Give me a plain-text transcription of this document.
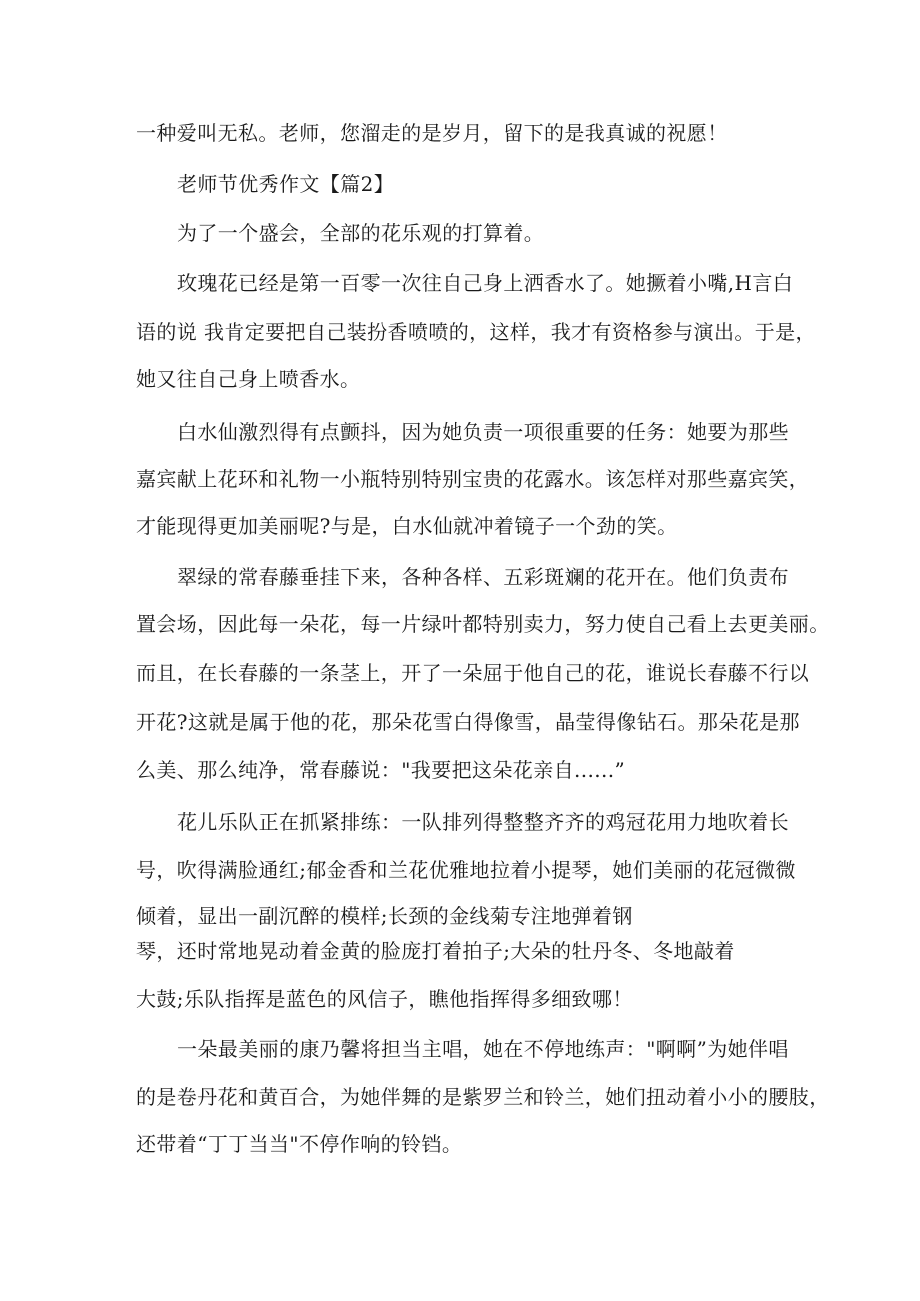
一种爱叫无私。老师，您溜走的是岁月，留下的是我真诚的祝愿！
老师节优秀作文【篇2】
为了一个盛会，全部的花乐观的打算着。
玫瑰花已经是第一百零一次往自己身上洒香水了。她撅着小嘴,H言白
语的说 我肯定要把自己装扮香喷喷的，这样，我才有资格参与演出。于是，
她又往自己身上喷香水。
白水仙激烈得有点颤抖，因为她负责一项很重要的任务：她要为那些
嘉宾献上花环和礼物一小瓶特别特别宝贵的花露水。该怎样对那些嘉宾笑，
才能现得更加美丽呢?与是，白水仙就冲着镜子一个劲的笑。
翠绿的常春藤垂挂下来，各种各样、五彩斑斓的花开在。他们负责布
置会场，因此每一朵花，每一片绿叶都特别卖力，努力使自己看上去更美丽。
而且，在长春藤的一条茎上，开了一朵屈于他自己的花，谁说长春藤不行以
开花?这就是属于他的花，那朵花雪白得像雪，晶莹得像钻石。那朵花是那
么美、那么纯净，常春藤说："我要把这朵花亲自......”
花儿乐队正在抓紧排练：一队排列得整整齐齐的鸡冠花用力地吹着长
号，吹得满脸通红;郁金香和兰花优雅地拉着小提琴，她们美丽的花冠微微
倾着，显出一副沉醉的模样;长颈的金线菊专注地弹着钢
琴，还时常地晃动着金黄的脸庞打着拍子;大朵的牡丹冬、冬地敲着
大鼓;乐队指挥是蓝色的风信子，瞧他指挥得多细致哪！
一朵最美丽的康乃馨将担当主唱，她在不停地练声："啊啊”为她伴唱
的是卷丹花和黄百合，为她伴舞的是紫罗兰和铃兰，她们扭动着小小的腰肢，
还带着“丁丁当当"不停作响的铃铛。
